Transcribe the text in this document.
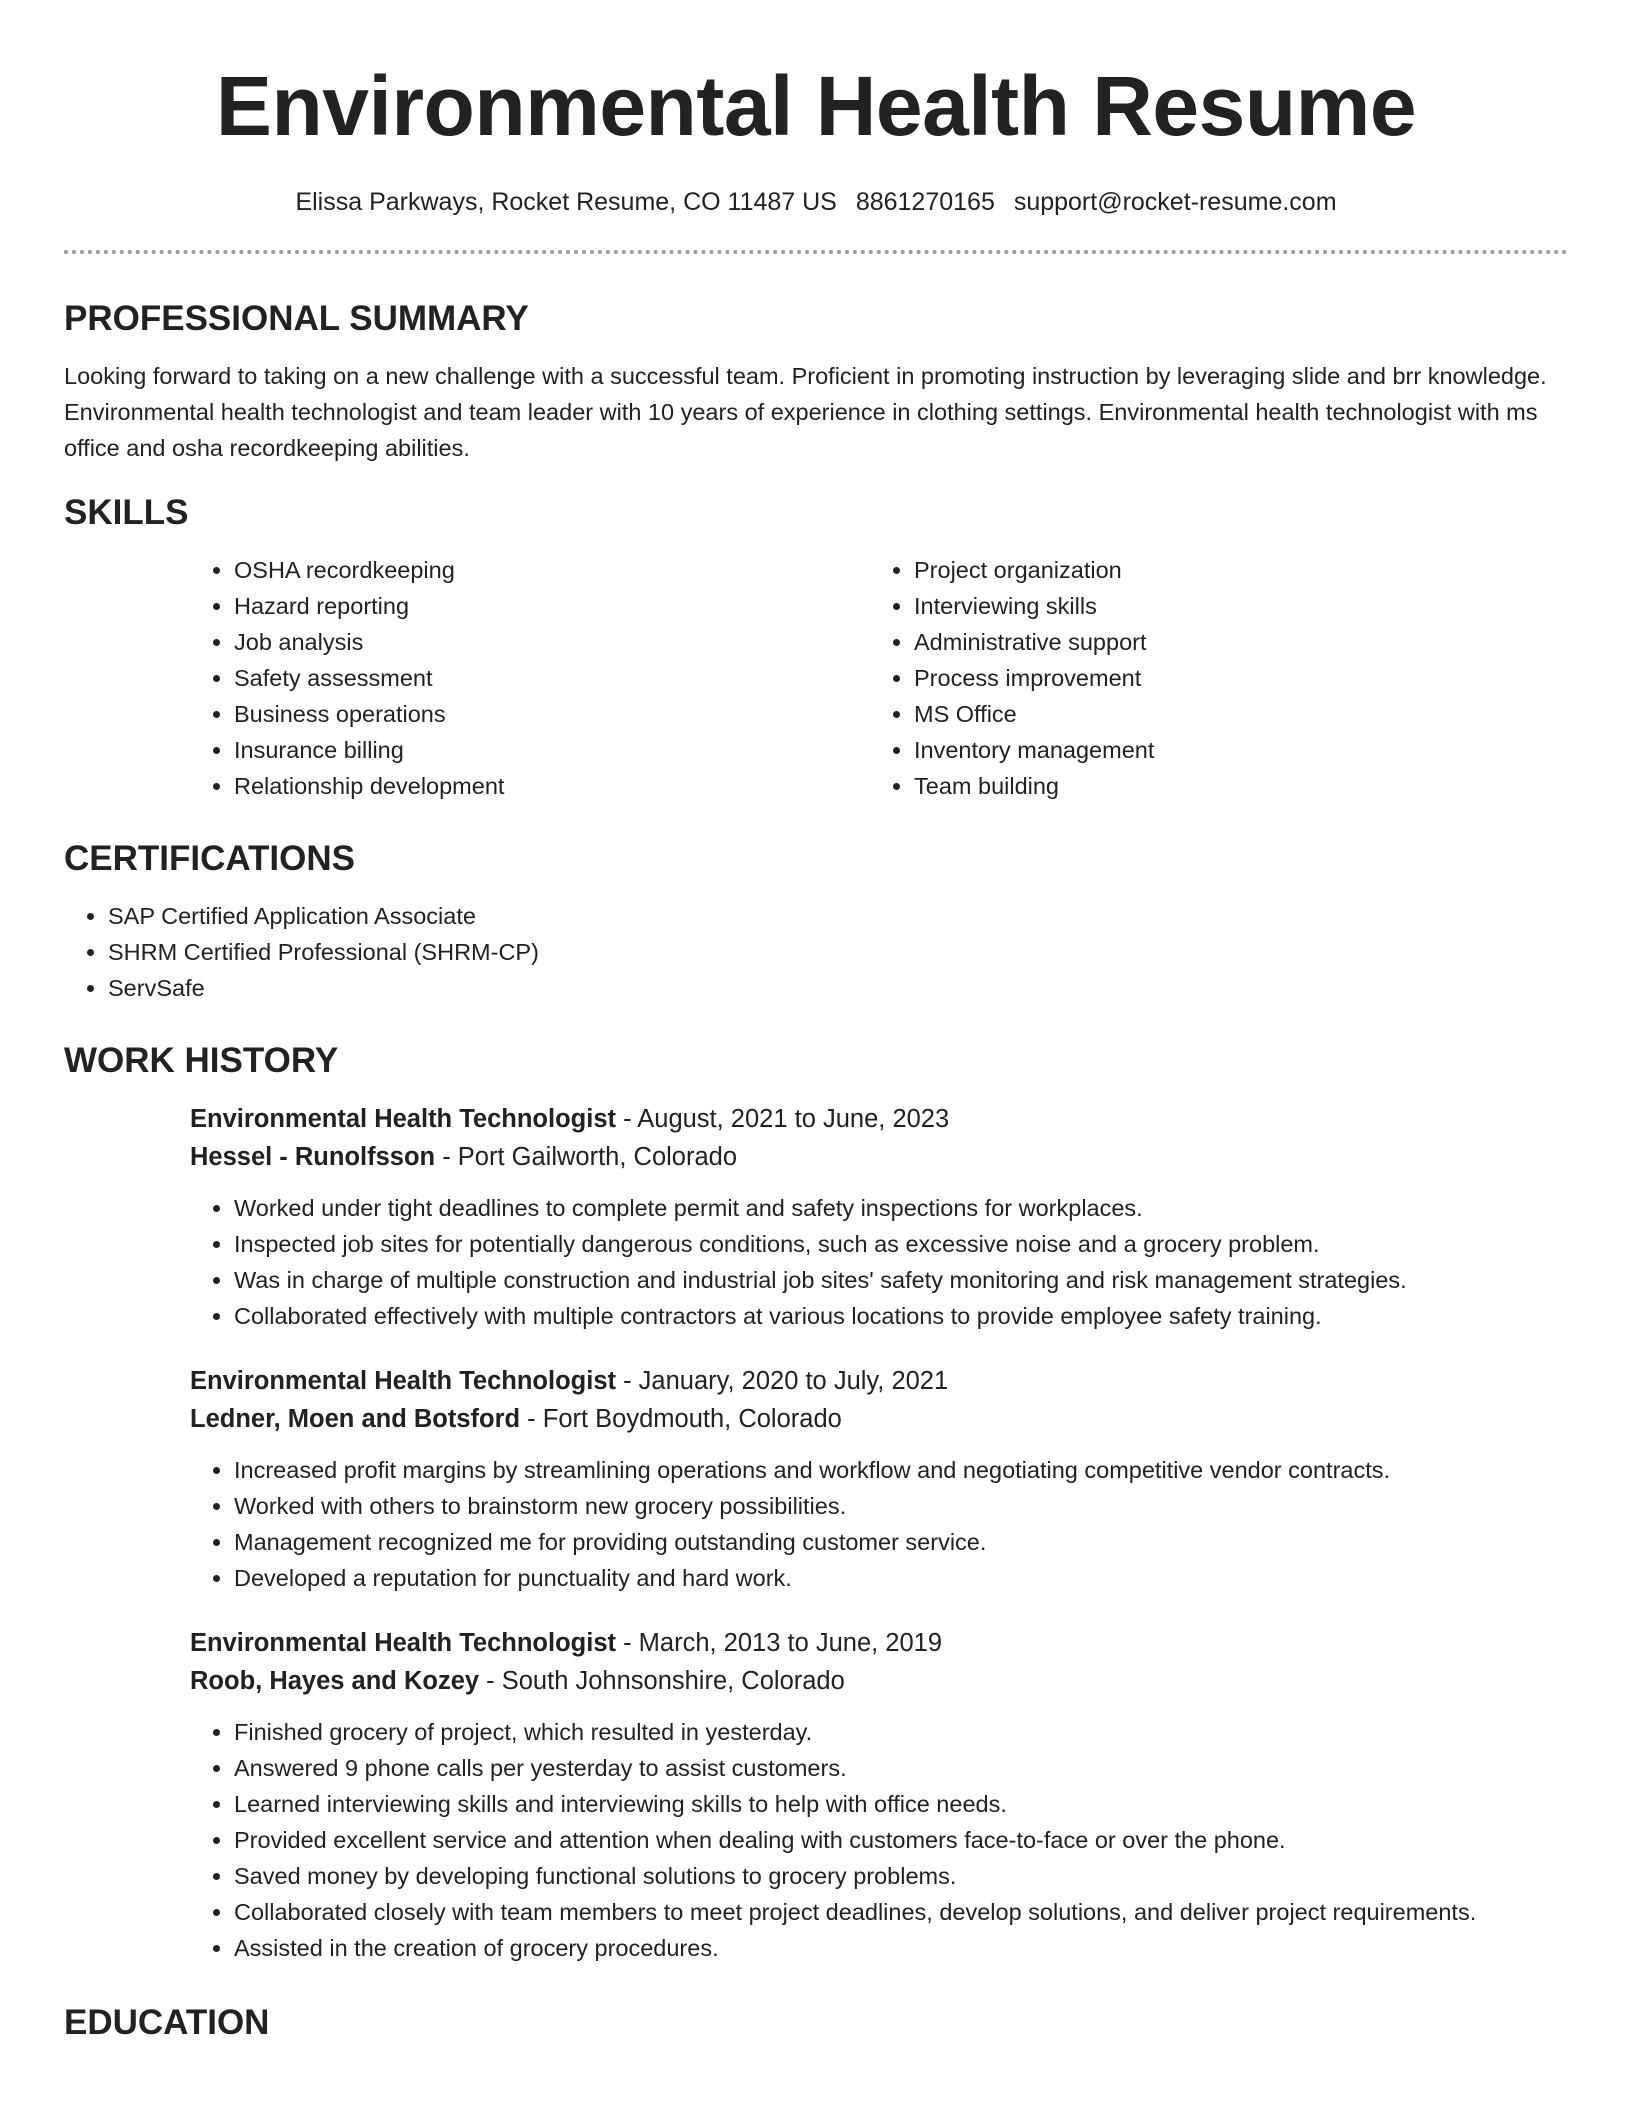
Environmental Health Resume
Elissa Parkways, Rocket Resume, CO 11487 US 8861270165 support@rocket-resume.com
PROFESSIONAL SUMMARY

Looking forward to taking on a new challenge with a successful team. Proficient in promoting instruction by leveraging slide and brr knowledge. Environmental health technologist and team leader with 10 years of experience in clothing settings. Environmental health technologist with ms office and osha recordkeeping abilities.

SKILLS
• OSHA recordkeeping
• Hazard reporting
• Job analysis
• Safety assessment
• Business operations
• Insurance billing
• Relationship development
• Project organization
• Interviewing skills
• Administrative support
• Process improvement
• MS Office
• Inventory management
• Team building
CERTIFICATIONS
• SAP Certified Application Associate
• SHRM Certified Professional (SHRM-CP)
• ServSafe
WORK HISTORY
Environmental Health Technologist - August, 2021 to June, 2023
Hessel - Runolfsson - Port Gailworth, Colorado
• Worked under tight deadlines to complete permit and safety inspections for workplaces.
• Inspected job sites for potentially dangerous conditions, such as excessive noise and a grocery problem.
• Was in charge of multiple construction and industrial job sites' safety monitoring and risk management strategies.
• Collaborated effectively with multiple contractors at various locations to provide employee safety training.
Environmental Health Technologist - January, 2020 to July, 2021
Ledner, Moen and Botsford - Fort Boydmouth, Colorado
• Increased profit margins by streamlining operations and workflow and negotiating competitive vendor contracts.
• Worked with others to brainstorm new grocery possibilities.
• Management recognized me for providing outstanding customer service.
• Developed a reputation for punctuality and hard work.
Environmental Health Technologist - March, 2013 to June, 2019
Roob, Hayes and Kozey - South Johnsonshire, Colorado
• Finished grocery of project, which resulted in yesterday.
• Answered 9 phone calls per yesterday to assist customers.
• Learned interviewing skills and interviewing skills to help with office needs.
• Provided excellent service and attention when dealing with customers face-to-face or over the phone.
• Saved money by developing functional solutions to grocery problems.
• Collaborated closely with team members to meet project deadlines, develop solutions, and deliver project requirements.
• Assisted in the creation of grocery procedures.
EDUCATION
